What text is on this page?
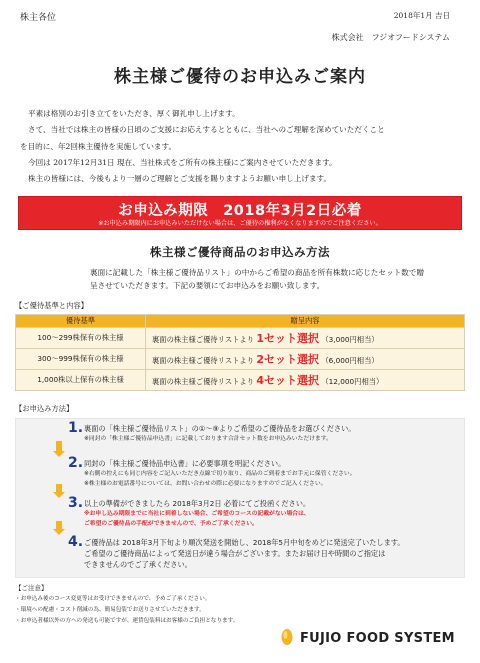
株主各位	2018年1月 吉日
株式会社　フジオフードシステム
株主様ご優待のお申込みご案内

平素は格別のお引き立てをいただき、厚く御礼申し上げます。

さて、当社では株主の皆様の日頃のご支援にお応えするとともに、当社へのご理解を深めていただくこと

を目的に、年2回株主優待を実施しています。

今回は 2017年12月31日 現在、当社株式をご所有の株主様にご案内させていただきます。

株主の皆様には、今後もより一層のご理解とご支援を賜りますようお願い申し上げます。

お申込み期限　2018年3月2日必着
※お申込み期限内にお申込みいただけない場合は、ご優待の権利がなくなりますのでご注意ください。
株主様ご優待商品のお申込み方法
裏面に記載した「株主様ご優待品リスト」の中からご希望の商品を所有株数に応じたセット数で贈呈させていただきます。下記の要領にてお申込みをお願い致します。
【ご優待基準と内容】
優待基準	贈呈内容
100～299株保有の株主様	裏面の株主様ご優待リストより 1セット選択 （3,000円相当）
300～999株保有の株主様	裏面の株主様ご優待リストより 2セット選択 （6,000円相当）
1,000株以上保有の株主様	裏面の株主様ご優待リストより 4セット選択 （12,000円相当）
【お申込み方法】
1. 裏面の「株主様ご優待品リスト」の①～⑨よりご希望のご優待品をお選びください。
※同封の「株主様ご優待品申込書」に記載しております合計セット数をお申込みいただけます。
2. 同封の「株主様ご優待品申込書」に必要事項を明記ください。
※右側の控えにも同じ内容をご記入いただき点線で切り取り、商品のご到着までお手元に保管ください。
※株主様のお電話番号については、お問い合わせの際に必要になりますのでご記入ください。
3. 以上の準備ができましたら 2018年3月2日 必着にてご投函ください。
※お申し込み期限までに当社に到着しない場合、ご希望のコースの記載がない場合は、
ご希望のご優待品の手配ができませんので、予めご了承ください。
4. ご優待品は 2018年3月下旬より順次発送を開始し、2018年5月中旬をめどに発送完了いたします。
ご希望のご優待商品によって発送日が違う場合がございます。またお届け日や時間のご指定は
できませんのでご了承ください。
【ご注意】
・お申込み後のコース変更等はお受けできませんので、予めご了承ください。
・環境への配慮・コスト削減の為、簡易包装でお送りさせていただきます。
・お申込者様以外の方への発送も可能ですが、運賃包装料はお客様のご負担となります。
FUJIO FOOD SYSTEM
